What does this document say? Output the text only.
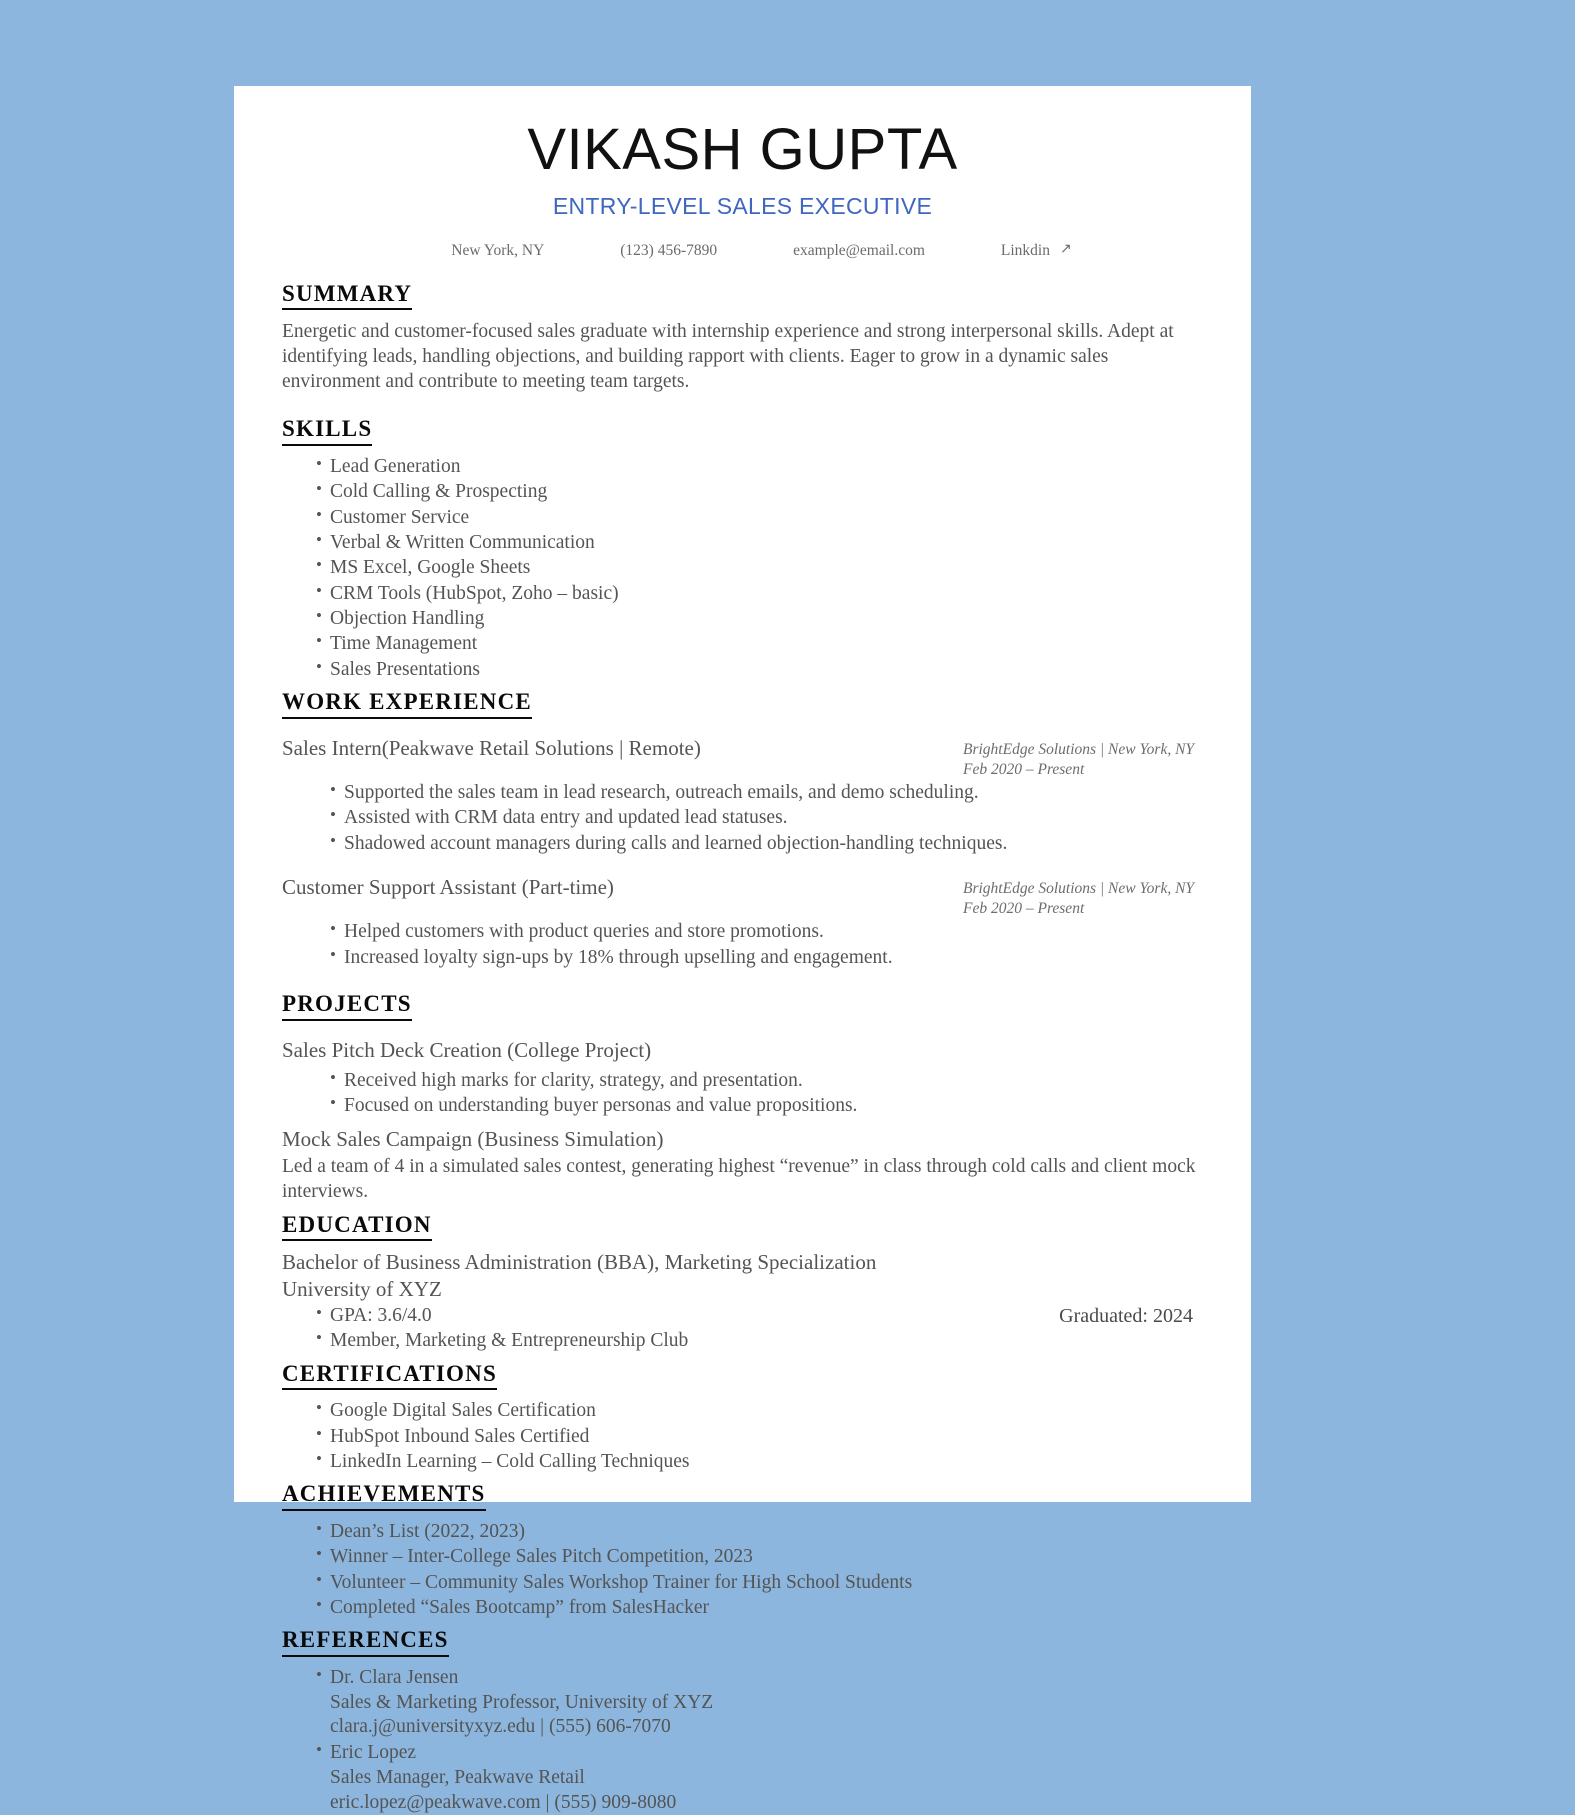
VIKASH GUPTA
ENTRY-LEVEL SALES EXECUTIVE
New York, NY	(123) 456-7890	example@email.com	Linkdin ↗
SUMMARY

Energetic and customer-focused sales graduate with internship experience and strong interpersonal skills. Adept at identifying leads, handling objections, and building rapport with clients. Eager to grow in a dynamic sales environment and contribute to meeting team targets.

SKILLS
• Lead Generation
• Cold Calling & Prospecting
• Customer Service
• Verbal & Written Communication
• MS Excel, Google Sheets
• CRM Tools (HubSpot, Zoho – basic)
• Objection Handling
• Time Management
• Sales Presentations
WORK EXPERIENCE
Sales Intern(Peakwave Retail Solutions | Remote)	BrightEdge Solutions | New York, NY
Feb 2020 – Present
• Supported the sales team in lead research, outreach emails, and demo scheduling.
• Assisted with CRM data entry and updated lead statuses.
• Shadowed account managers during calls and learned objection-handling techniques.
Customer Support Assistant (Part-time)	BrightEdge Solutions | New York, NY
Feb 2020 – Present
• Helped customers with product queries and store promotions.
• Increased loyalty sign-ups by 18% through upselling and engagement.
PROJECTS
Sales Pitch Deck Creation (College Project)
• Received high marks for clarity, strategy, and presentation.
• Focused on understanding buyer personas and value propositions.
Mock Sales Campaign (Business Simulation)

Led a team of 4 in a simulated sales contest, generating highest “revenue” in class through cold calls and client mock interviews.

EDUCATION
Bachelor of Business Administration (BBA), Marketing Specialization
University of XYZ
• GPA: 3.6/4.0
• Member, Marketing & Entrepreneurship Club
Graduated: 2024
CERTIFICATIONS
• Google Digital Sales Certification
• HubSpot Inbound Sales Certified
• LinkedIn Learning – Cold Calling Techniques
ACHIEVEMENTS
• Dean’s List (2022, 2023)
• Winner – Inter-College Sales Pitch Competition, 2023
• Volunteer – Community Sales Workshop Trainer for High School Students
• Completed “Sales Bootcamp” from SalesHacker
REFERENCES
• Dr. Clara Jensen
Sales & Marketing Professor, University of XYZ
clara.j@universityxyz.edu | (555) 606-7070
• Eric Lopez
Sales Manager, Peakwave Retail
eric.lopez@peakwave.com | (555) 909-8080
